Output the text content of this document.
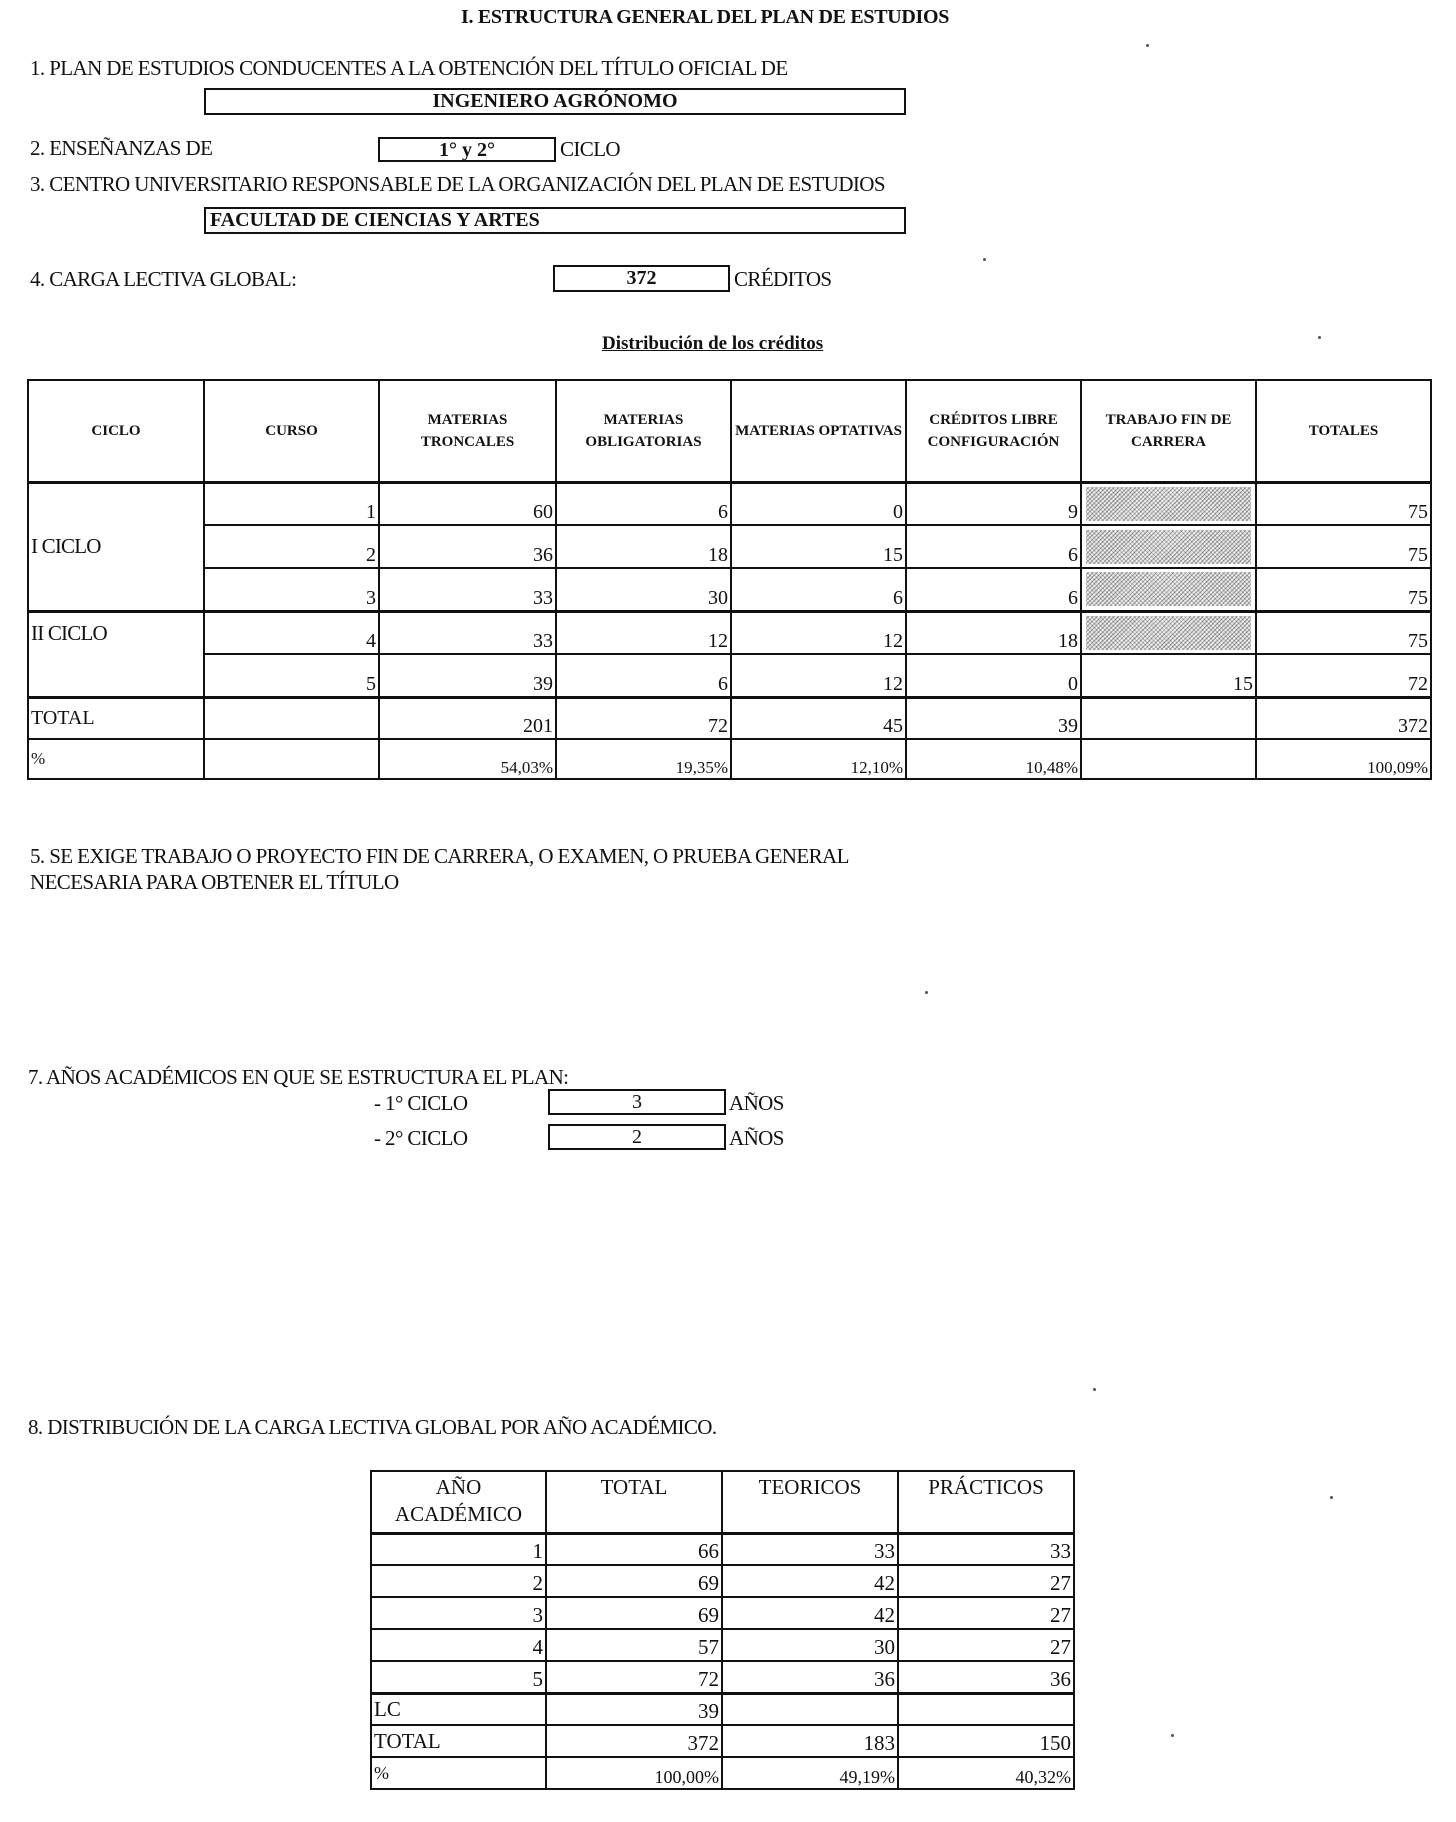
I. ESTRUCTURA GENERAL DEL PLAN DE ESTUDIOS
1. PLAN DE ESTUDIOS CONDUCENTES A LA OBTENCIÓN DEL TÍTULO OFICIAL DE
INGENIERO AGRÓNOMO
2. ENSEÑANZAS DE	1° y 2°	CICLO
3. CENTRO UNIVERSITARIO RESPONSABLE DE LA ORGANIZACIÓN DEL PLAN DE ESTUDIOS
FACULTAD DE CIENCIAS Y ARTES
4. CARGA LECTIVA GLOBAL:	372	CRÉDITOS
Distribución de los créditos
CICLO	CURSO	MATERIAS TRONCALES	MATERIAS OBLIGATORIAS	MATERIAS OPTATIVAS	CRÉDITOS LIBRE CONFIGURACIÓN	TRABAJO FIN DE CARRERA	TOTALES
I CICLO	1	60	6	0	9		75
	2	36	18	15	6		75
	3	33	30	6	6		75
II CICLO	4	33	12	12	18		75
	5	39	6	12	0	15	72
TOTAL		201	72	45	39		372
%		54,03%	19,35%	12,10%	10,48%		100,09%
5. SE EXIGE TRABAJO O PROYECTO FIN DE CARRERA, O EXAMEN, O PRUEBA GENERAL
NECESARIA PARA OBTENER EL TÍTULO
7. AÑOS ACADÉMICOS EN QUE SE ESTRUCTURA EL PLAN:
- 1° CICLO	3	AÑOS
- 2° CICLO	2	AÑOS
8. DISTRIBUCIÓN DE LA CARGA LECTIVA GLOBAL POR AÑO ACADÉMICO.
AÑO
ACADÉMICO	TOTAL	TEORICOS	PRÁCTICOS
1	66	33	33
2	69	42	27
3	69	42	27
4	57	30	27
5	72	36	36
LC	39		
TOTAL	372	183	150
%	100,00%	49,19%	40,32%
